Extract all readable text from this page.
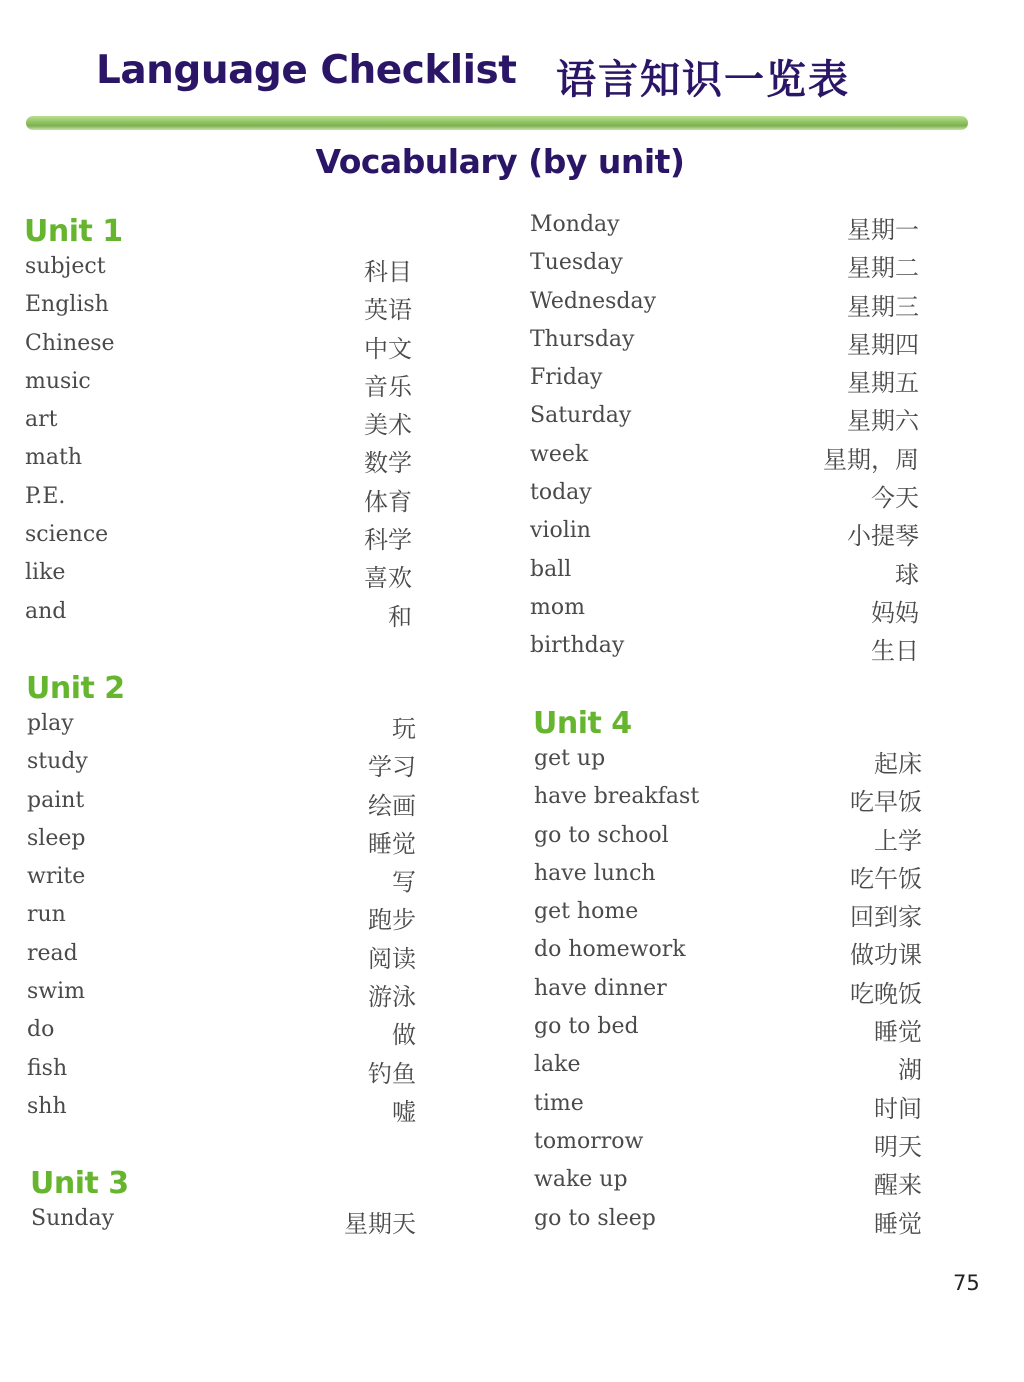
Language Checklist 语言知识一览表
Vocabulary (by unit)
Unit 1
subject	科目
English	英语
Chinese	中文
music	音乐
art	美术
math	数学
P.E.	体育
science	科学
like	喜欢
and	和
Unit 2
play	玩
study	学习
paint	绘画
sleep	睡觉
write	写
run	跑步
read	阅读
swim	游泳
do	做
fish	钓鱼
shh	嘘
Unit 3
Sunday	星期天
Monday	星期一
Tuesday	星期二
Wednesday	星期三
Thursday	星期四
Friday	星期五
Saturday	星期六
week	星期，周
today	今天
violin	小提琴
ball	球
mom	妈妈
birthday	生日
Unit 4
get up	起床
have breakfast	吃早饭
go to school	上学
have lunch	吃午饭
get home	回到家
do homework	做功课
have dinner	吃晚饭
go to bed	睡觉
lake	湖
time	时间
tomorrow	明天
wake up	醒来
go to sleep	睡觉
75
